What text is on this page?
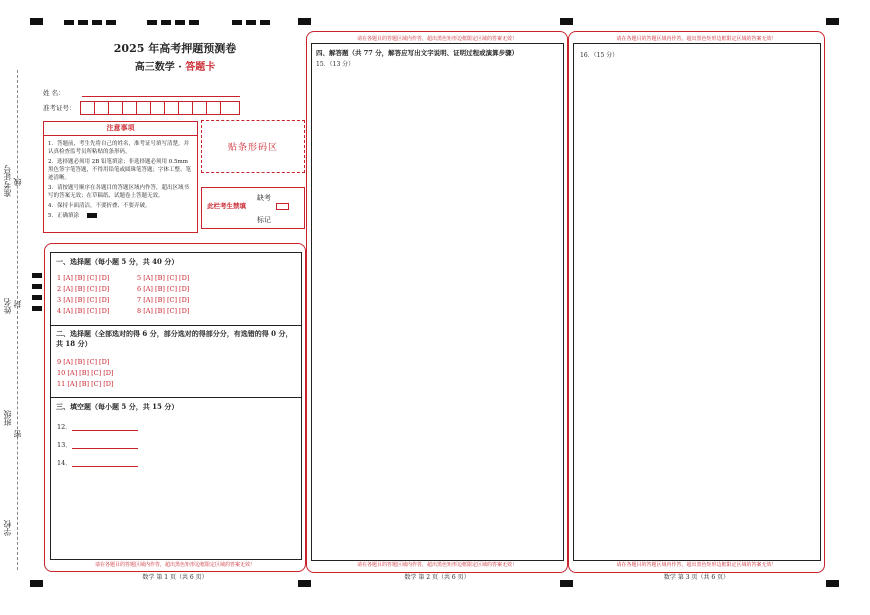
准考证号 线
姓名 封
班级
密
学校
2025 年高考押题预测卷
高三数学 · 答题卡
姓 名：
准考证号：
注意事项
1．答题前，考生先将自己的姓名，准考证号填写清楚，并认真检查监考员所粘贴的条形码。
2．选择题必须用 2B 铅笔填涂；非选择题必须用 0.5mm 黑色签字笔答题，不得用铅笔或圆珠笔答题；字体工整、笔迹清晰。
3．请按题号顺序在各题目的答题区域内作答，超出区域书写的答案无效；在草稿纸、试题卷上答题无效。
4．保持卡面清洁，不要折叠、不要弄破。
5．正确填涂
贴条形码区
此栏考生禁填
缺考
标记
一、选择题（每小题 5 分，共 40 分）
1 [A] [B] [C] [D]
2 [A] [B] [C] [D]
3 [A] [B] [C] [D]
4 [A] [B] [C] [D]
5 [A] [B] [C] [D]
6 [A] [B] [C] [D]
7 [A] [B] [C] [D]
8 [A] [B] [C] [D]
二、选择题（全部选对的得 6 分，部分选对的得部分分，有选错的得 0 分，共 18 分）
9 [A] [B] [C] [D]
10 [A] [B] [C] [D]
11 [A] [B] [C] [D]
三、填空题（每小题 5 分，共 15 分）
12．
13．
14．
请在各题目的答题区域内作答，超出黑色矩形边框限定区域的答案无效！
数学 第 1 页（共 6 页）
请在各题目的答题区域内作答，超出黑色矩形边框限定区域的答案无效！
四、解答题（共 77 分，解答应写出文字说明、证明过程或演算步骤）
15．（13 分）
请在各题目的答题区域内作答，超出黑色矩形边框限定区域的答案无效！
数学 第 2 页（共 6 页）
请在各题目的答题区域内作答，超出黑色矩形边框限定区域的答案无效！
16．（15 分）
请在各题目的答题区域内作答，超出黑色矩形边框限定区域的答案无效！
数学 第 3 页（共 6 页）
